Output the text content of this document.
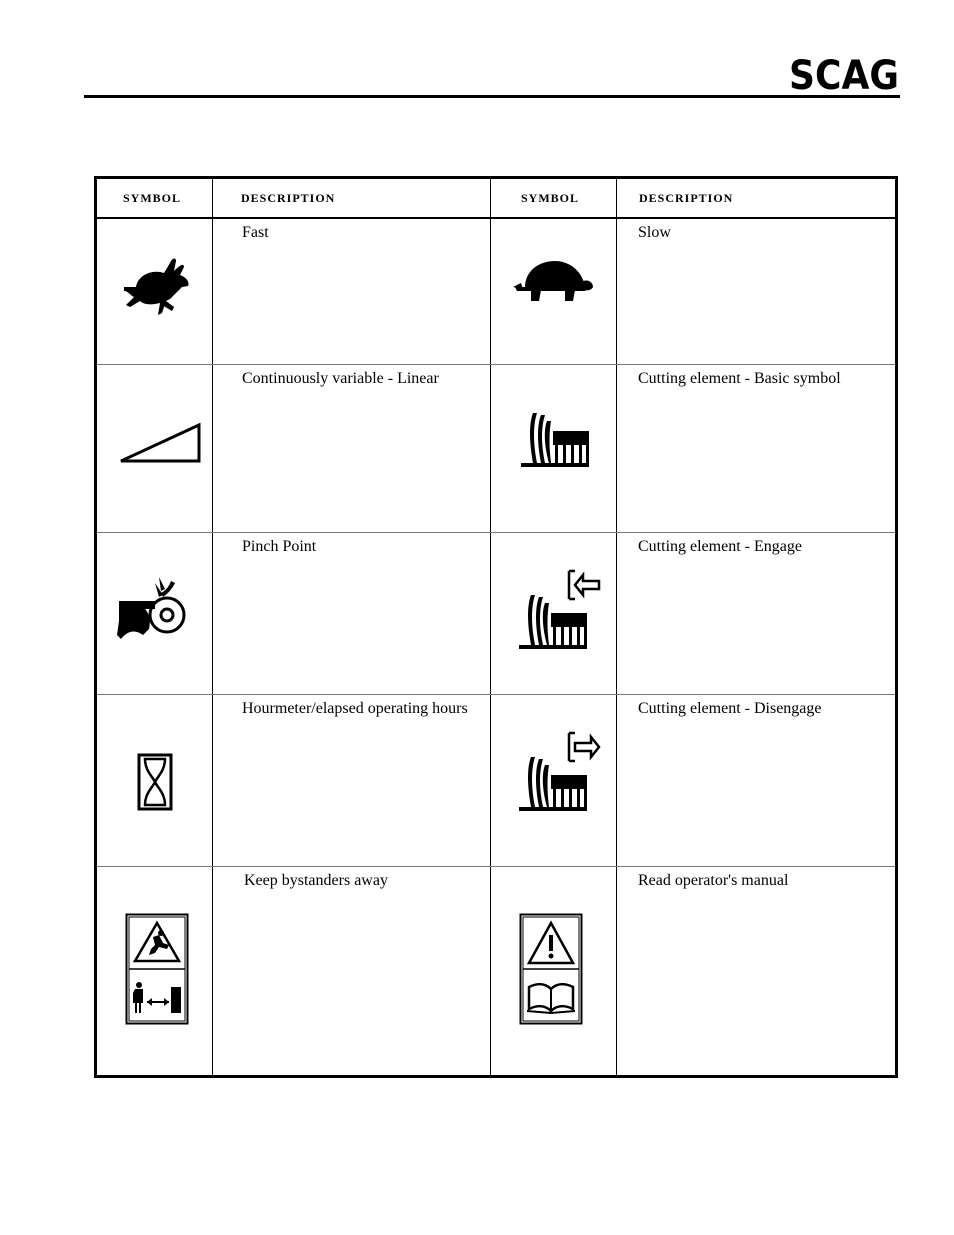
SCAG
SYMBOL	DESCRIPTION	SYMBOL	DESCRIPTION

Fast		Slow

Continuously variable - Linear		Cutting element - Basic symbol

Pinch Point		Cutting element - Engage

Hourmeter/elapsed operating hours		Cutting element - Disengage

Keep bystanders away		Read operator's manual
